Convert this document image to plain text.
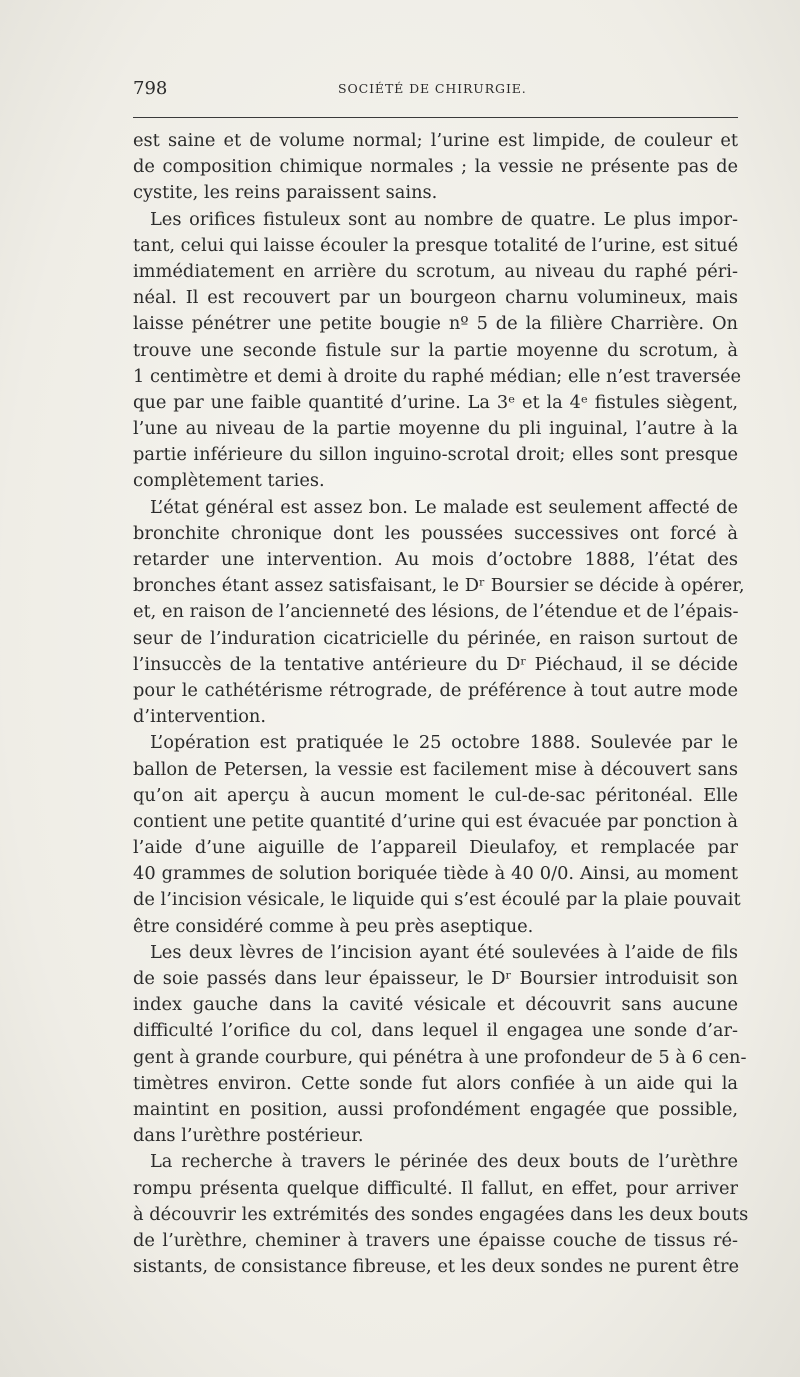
798	SOCIÉTÉ DE CHIRURGIE.
est saine et de volume normal; l’urine est limpide, de couleur et
de composition chimique normales ; la vessie ne présente pas de
cystite, les reins paraissent sains.
Les orifices fistuleux sont au nombre de quatre. Le plus impor-
tant, celui qui laisse écouler la presque totalité de l’urine, est situé
immédiatement en arrière du scrotum, au niveau du raphé péri-
néal. Il est recouvert par un bourgeon charnu volumineux, mais
laisse pénétrer une petite bougie nº 5 de la filière Charrière. On
trouve une seconde fistule sur la partie moyenne du scrotum, à
1 centimètre et demi à droite du raphé médian; elle n’est traversée
que par une faible quantité d’urine. La 3ᵉ et la 4ᵉ fistules siègent,
l’une au niveau de la partie moyenne du pli inguinal, l’autre à la
partie inférieure du sillon inguino-scrotal droit; elles sont presque
complètement taries.
L’état général est assez bon. Le malade est seulement affecté de
bronchite chronique dont les poussées successives ont forcé à
retarder une intervention. Au mois d’octobre 1888, l’état des
bronches étant assez satisfaisant, le Dʳ Boursier se décide à opérer,
et, en raison de l’ancienneté des lésions, de l’étendue et de l’épais-
seur de l’induration cicatricielle du périnée, en raison surtout de
l’insuccès de la tentative antérieure du Dʳ Piéchaud, il se décide
pour le cathétérisme rétrograde, de préférence à tout autre mode
d’intervention.
L’opération est pratiquée le 25 octobre 1888. Soulevée par le
ballon de Petersen, la vessie est facilement mise à découvert sans
qu’on ait aperçu à aucun moment le cul-de-sac péritonéal. Elle
contient une petite quantité d’urine qui est évacuée par ponction à
l’aide d’une aiguille de l’appareil Dieulafoy, et remplacée par
40 grammes de solution boriquée tiède à 40 0/0. Ainsi, au moment
de l’incision vésicale, le liquide qui s’est écoulé par la plaie pouvait
être considéré comme à peu près aseptique.
Les deux lèvres de l’incision ayant été soulevées à l’aide de fils
de soie passés dans leur épaisseur, le Dʳ Boursier introduisit son
index gauche dans la cavité vésicale et découvrit sans aucune
difficulté l’orifice du col, dans lequel il engagea une sonde d’ar-
gent à grande courbure, qui pénétra à une profondeur de 5 à 6 cen-
timètres environ. Cette sonde fut alors confiée à un aide qui la
maintint en position, aussi profondément engagée que possible,
dans l’urèthre postérieur.
La recherche à travers le périnée des deux bouts de l’urèthre
rompu présenta quelque difficulté. Il fallut, en effet, pour arriver
à découvrir les extrémités des sondes engagées dans les deux bouts
de l’urèthre, cheminer à travers une épaisse couche de tissus ré-
sistants, de consistance fibreuse, et les deux sondes ne purent être
